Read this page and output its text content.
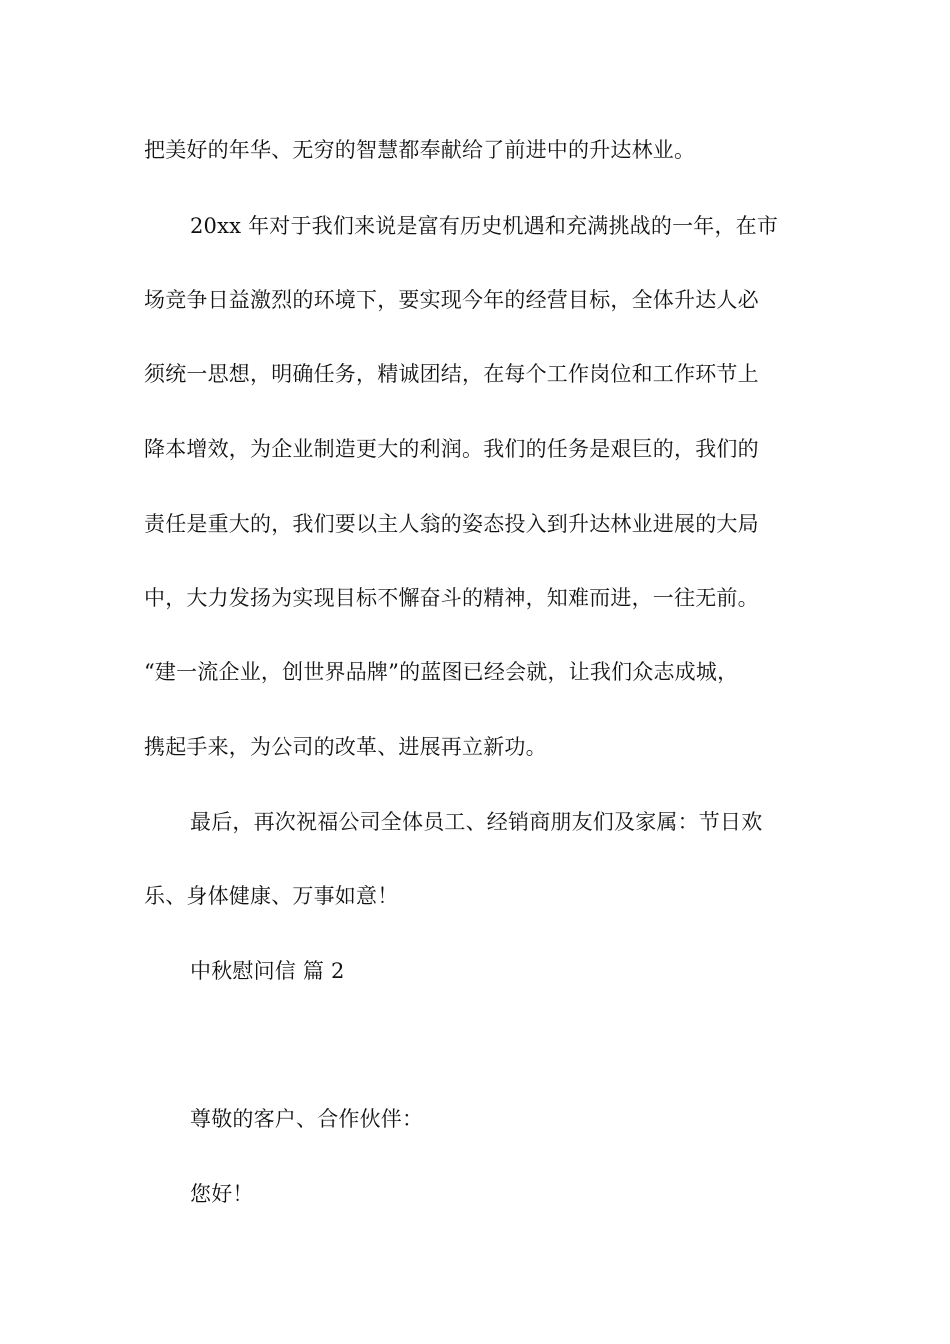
把美好的年华、无穷的智慧都奉献给了前进中的升达林业。
20xx 年对于我们来说是富有历史机遇和充满挑战的一年，在市
场竞争日益激烈的环境下，要实现今年的经营目标，全体升达人必
须统一思想，明确任务，精诚团结，在每个工作岗位和工作环节上
降本增效，为企业制造更大的利润。我们的任务是艰巨的，我们的
责任是重大的，我们要以主人翁的姿态投入到升达林业进展的大局
中，大力发扬为实现目标不懈奋斗的精神，知难而进，一往无前。
“建一流企业，创世界品牌”的蓝图已经会就，让我们众志成城，
携起手来，为公司的改革、进展再立新功。
最后，再次祝福公司全体员工、经销商朋友们及家属：节日欢
乐、身体健康、万事如意！
中秋慰问信 篇 2
尊敬的客户、合作伙伴：
您好！
